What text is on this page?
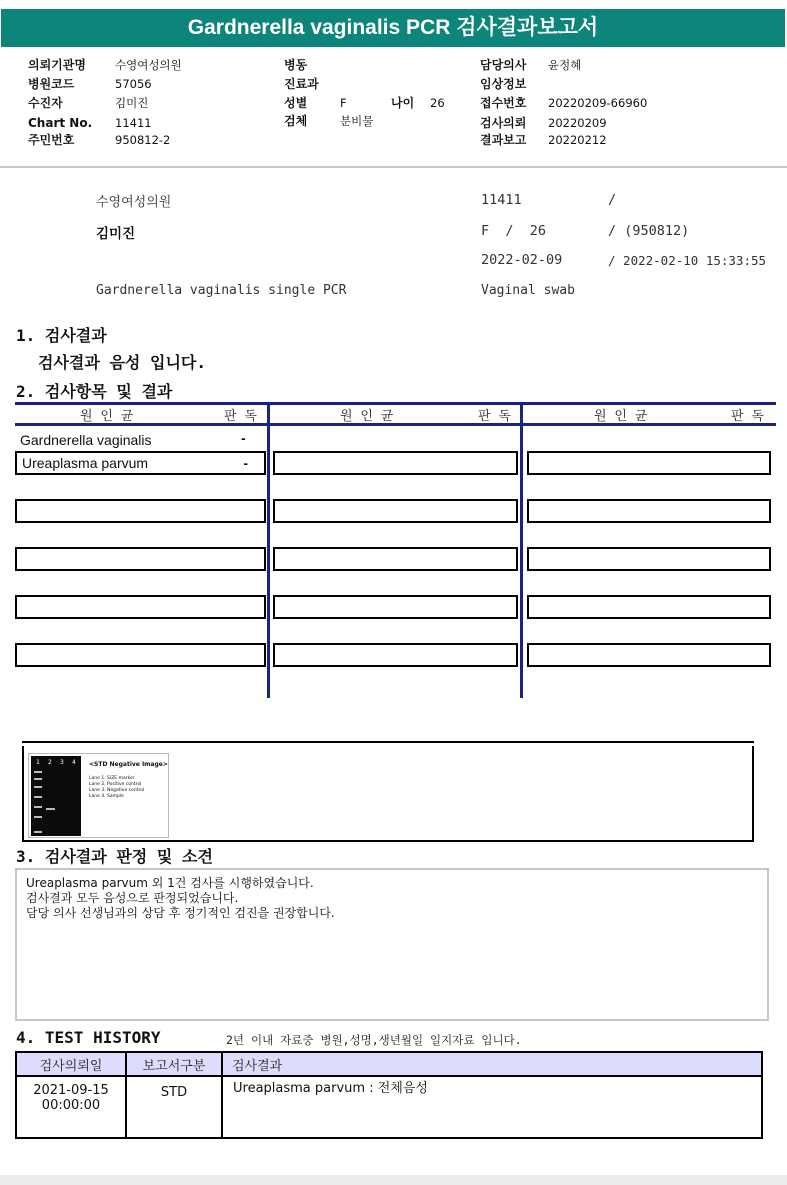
Gardnerella vaginalis PCR 검사결과보고서
의뢰기관명	수영여성의원
병원코드	57056
수진자	김미진
Chart No. 11411
주민번호	950812-2
병동
진료과
성별	F	나이 26
검체	분비물
담당의사 윤정혜
임상정보
접수번호 20220209-66960
검사의뢰 20220209
결과보고 20220212
수영여성의원	11411	/
김미진	F  /  26	/ (950812)
2022-02-09	/ 2022-02-10 15:33:55
Gardnerella vaginalis single PCR	Vaginal swab
1. 검사결과
검사결과 음성 입니다.
2. 검사항목 및 결과
원 인 균	판 독	원 인 균	판 독	원 인 균	판 독
Gardnerella vaginalis	-
Ureaplasma parvum	-
1 2 3 4 <STD Negative Image>
Lane 1. SIZE marker
Lane 2. Positive control
Lane 3. Negative control
Lane 4. Sample
3. 검사결과 판정 및 소견
Ureaplasma parvum 외 1건 검사를 시행하였습니다.
검사결과 모두 음성으로 판정되었습니다.
담당 의사 선생님과의 상담 후 정기적인 검진을 권장합니다.
4. TEST HISTORY	2년 이내 자료중 병원,성명,생년월일 일지자료 입니다.
검사의뢰일	보고서구분	검사결과

2021-09-15
00:00:00	STD	Ureaplasma parvum : 전체음성
